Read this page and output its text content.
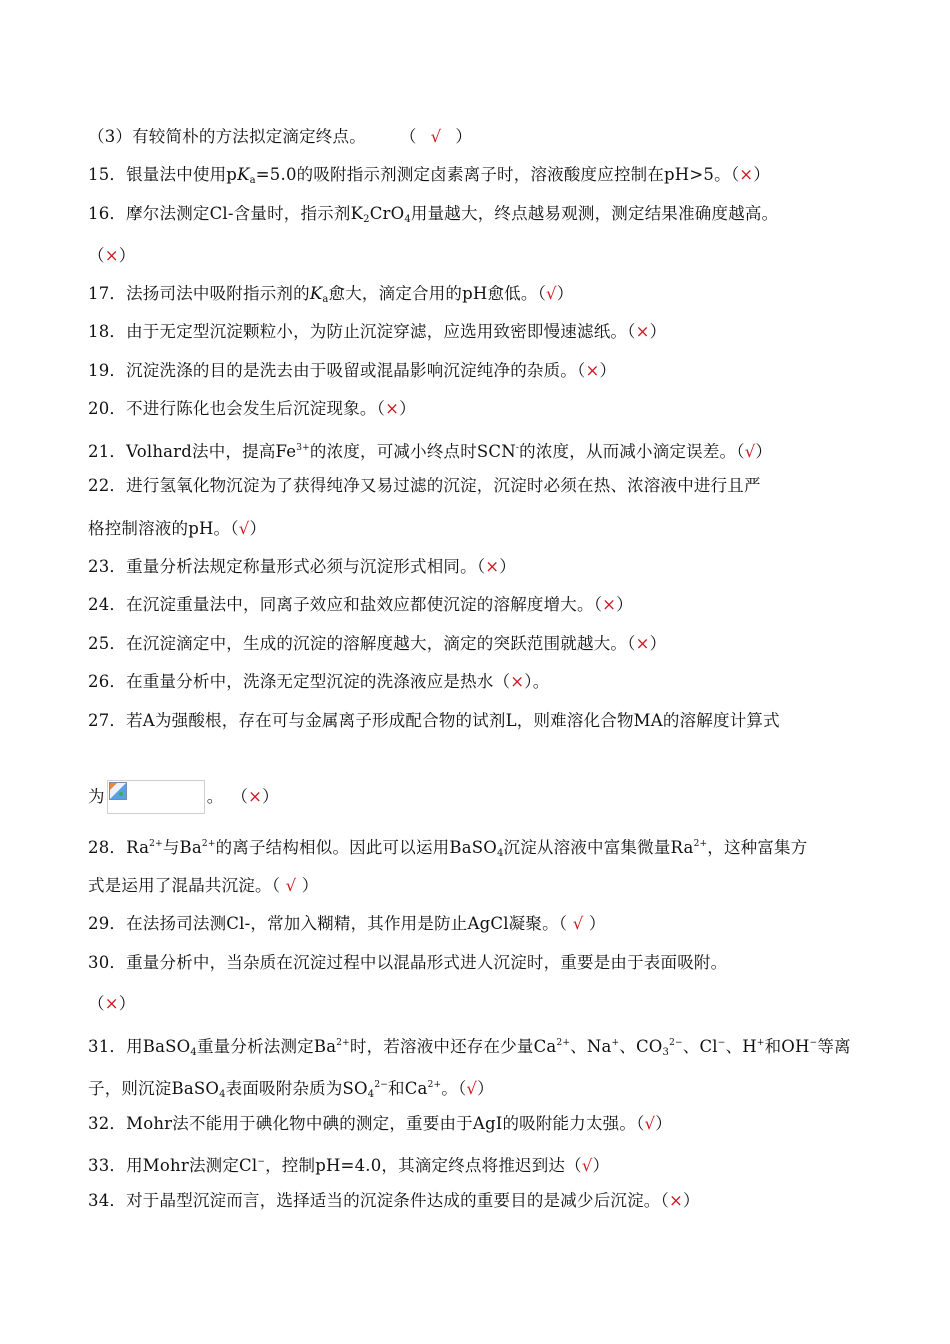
（3）有较简朴的方法拟定滴定终点。 （ √ ）
15．银量法中使用$pK_a=5.0$的吸附指示剂测定卤素离子时，溶液酸度应控制在pH>5。（×）
16．摩尔法测定Cl-含量时，指示剂$K_2CrO_4$用量越大，终点越易观测，测定结果准确度越高。
（×）
17．法扬司法中吸附指示剂的$K_a$愈大，滴定合用的pH愈低。（√）
18．由于无定型沉淀颗粒小，为防止沉淀穿滤，应选用致密即慢速滤纸。（×）
19．沉淀洗涤的目的是洗去由于吸留或混晶影响沉淀纯净的杂质。（×）
20．不进行陈化也会发生后沉淀现象。（×）
21．Volhard法中，提高$Fe^{3+}$的浓度，可减小终点时SCN-的浓度，从而减小滴定误差。（√）
22．进行氢氧化物沉淀为了获得纯净又易过滤的沉淀，沉淀时必须在热、浓溶液中进行且严
格控制溶液的pH。（√）
23．重量分析法规定称量形式必须与沉淀形式相同。（×）
24．在沉淀重量法中，同离子效应和盐效应都使沉淀的溶解度增大。（×）
25．在沉淀滴定中，生成的沉淀的溶解度越大，滴定的突跃范围就越大。（×）
26．在重量分析中，洗涤无定型沉淀的洗涤液应是热水（×）。
27．若A为强酸根，存在可与金属离子形成配合物的试剂L，则难溶化合物MA的溶解度计算式
为	。 （×）
28．$Ra^{2+}$与$Ba^{2+}$的离子结构相似。因此可以运用BaSO$_4$沉淀从溶液中富集微量$Ra^{2+}$，这种富集方
式是运用了混晶共沉淀。（ √ ）
29．在法扬司法测Cl-，常加入糊精，其作用是防止AgCl凝聚。（ √ ）
30．重量分析中，当杂质在沉淀过程中以混晶形式进人沉淀时，重要是由于表面吸附。
（×）
31．用BaSO$_4$重量分析法测定$Ba^{2+}$时，若溶液中还存在少量$Ca^{2+}$、Na+、$CO_3^{2-}$、Cl−、H+和OH−等离
子，则沉淀BaSO$_4$表面吸附杂质为$SO_4^{2-}$和$Ca^{2+}$。（√）
32．Mohr法不能用于碘化物中碘的测定，重要由于AgI的吸附能力太强。（√）
33．用Mohr法测定Cl−，控制pH=4.0，其滴定终点将推迟到达（√）
34．对于晶型沉淀而言，选择适当的沉淀条件达成的重要目的是减少后沉淀。（×）
